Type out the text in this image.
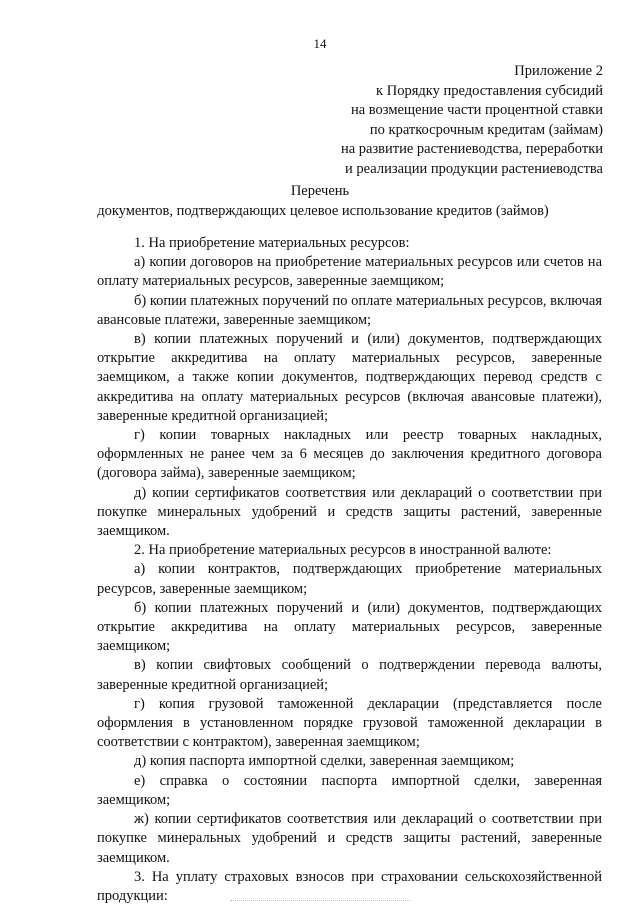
14
Приложение 2
к Порядку предоставления субсидий
на возмещение части процентной ставки
по краткосрочным кредитам (займам)
на развитие растениеводства, переработки
и реализации продукции растениеводства
Перечень
документов, подтверждающих целевое использование кредитов (займов)

1. На приобретение материальных ресурсов:

а) копии договоров на приобретение материальных ресурсов или счетов на оплату материальных ресурсов, заверенные заемщиком;

б) копии платежных поручений по оплате материальных ресурсов, включая авансовые платежи, заверенные заемщиком;

в) копии платежных поручений и (или) документов, подтверждающих открытие аккредитива на оплату материальных ресурсов, заверенные заемщиком, а также копии документов, подтверждающих перевод средств с аккредитива на оплату материальных ресурсов (включая авансовые платежи), заверенные кредитной организацией;

г) копии товарных накладных или реестр товарных накладных, оформленных не ранее чем за 6 месяцев до заключения кредитного договора (договора займа), заверенные заемщиком;

д) копии сертификатов соответствия или деклараций о соответствии при покупке минеральных удобрений и средств защиты растений, заверенные заемщиком.

2. На приобретение материальных ресурсов в иностранной валюте:

а) копии контрактов, подтверждающих приобретение материальных ресурсов, заверенные заемщиком;

б) копии платежных поручений и (или) документов, подтверждающих открытие аккредитива на оплату материальных ресурсов, заверенные заемщиком;

в) копии свифтовых сообщений о подтверждении перевода валюты, заверенные кредитной организацией;

г) копия грузовой таможенной декларации (представляется после оформления в установленном порядке грузовой таможенной декларации в соответствии с контрактом), заверенная заемщиком;

д) копия паспорта импортной сделки, заверенная заемщиком;

е) справка о состоянии паспорта импортной сделки, заверенная заемщиком;

ж) копии сертификатов соответствия или деклараций о соответствии при покупке минеральных удобрений и средств защиты растений, заверенные заемщиком.

3. На уплату страховых взносов при страховании сельскохозяйственной продукции:
